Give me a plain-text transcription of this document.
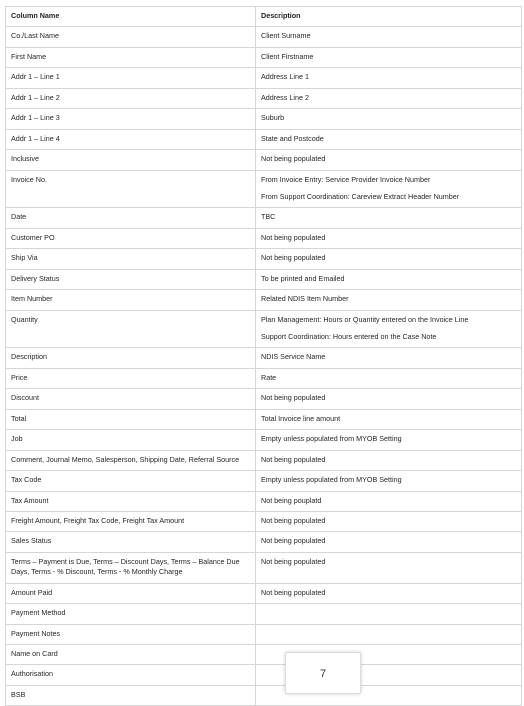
Column Name	Description
Co./Last Name	Client Surname

First Name	Client Firstname

Addr 1 – Line 1	Address Line 1

Addr 1 – Line 2	Address Line 2

Addr 1 – Line 3	Suburb

Addr 1 – Line 4	State and Postcode

Inclusive	Not being populated

Invoice No.	From Invoice Entry: Service Provider Invoice Number
From Support Coordination: Careview Extract Header Number

Date	TBC

Customer PO	Not being populated

Ship Via	Not being populated

Delivery Status	To be printed and Emailed

Item Number	Related NDIS Item Number

Quantity	Plan Management: Hours or Quantity entered on the Invoice Line
Support Coordination: Hours entered on the Case Note

Description	NDIS Service Name

Price	Rate

Discount	Not being populated

Total	Total Invoice line amount

Job	Empty unless populated from MYOB Setting

Comment, Journal Memo, Salesperson, Shipping Date, Referral Source	Not being populated

Tax Code	Empty unless populated from MYOB Setting

Tax Amount	Not being pouplatd

Freight Amount, Freight Tax Code, Freight Tax Amount	Not being populated

Sales Status	Not being populated

Terms – Payment is Due, Terms – Discount Days, Terms – Balance Due Days, Terms - % Discount, Terms - % Monthly Charge	Not being populated

Amount Paid	Not being populated

Payment Method	
Payment Notes	
Name on Card	
Authorisation	
BSB	
7
